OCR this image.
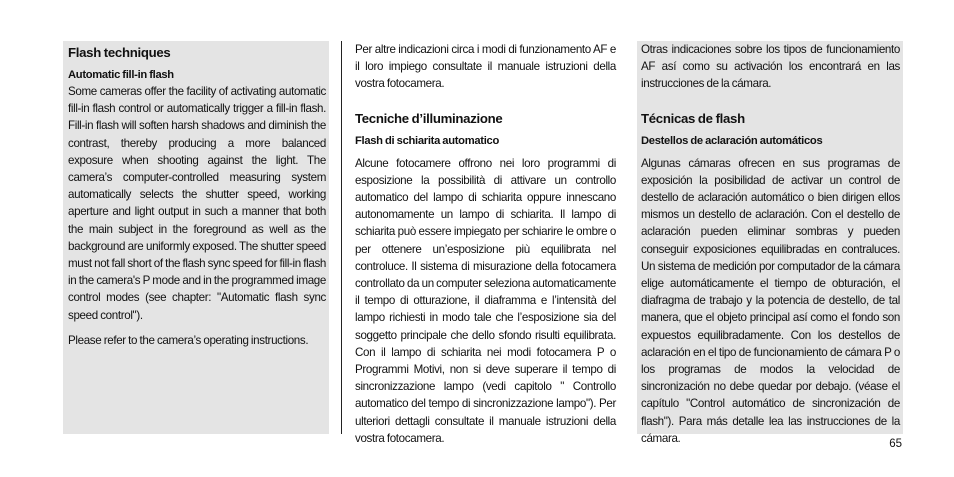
Flash techniques
Automatic fill-in flash

Some cameras offer the facility of activating automatic fill-in flash control or automatically trigger a fill-in flash. Fill-in flash will soften harsh shadows and diminish the contrast, thereby producing a more balanced exposure when shooting against the light. The camera’s computer-controlled measuring system automatically selects the shutter speed, working aperture and light output in such a manner that both the main subject in the foreground as well as the background are uniformly exposed. The shutter speed must not fall short of the flash sync speed for fill-in flash in the camera's P mode and in the programmed image control modes (see chapter: "Automatic flash sync speed control").

Please refer to the camera’s operating instructions.

Per altre indicazioni circa i modi di funzionamento AF e il loro impiego consultate il manuale istruzioni della vostra fotocamera.

Tecniche d’illuminazione
Flash di schiarita automatico

Alcune fotocamere offrono nei loro programmi di esposizione la possibilità di attivare un controllo automatico del lampo di schiarita oppure innescano autonomamente un lampo di schiarita. Il lampo di schiarita può essere impiegato per schiarire le ombre o per ottenere un’esposizione più equilibrata nel controluce. Il sistema di misurazione della fotocamera controllato da un computer seleziona automaticamente il tempo di otturazione, il diaframma e l’intensità del lampo richiesti in modo tale che l’esposizione sia del soggetto principale che dello sfondo risulti equilibrata. Con il lampo di schiarita nei modi fotocamera P o Programmi Motivi, non si deve superare il tempo di sincronizzazione lampo (vedi capitolo " Controllo automatico del tempo di sincronizzazione lampo"). Per ulteriori dettagli consultate il manuale istruzioni della vostra fotocamera.

Otras indicaciones sobre los tipos de funcionamiento AF así como su activación los encontrará en las instrucciones de la cámara.

Técnicas de flash
Destellos de aclaración automáticos

Algunas cámaras ofrecen en sus programas de exposición la posibilidad de activar un control de destello de aclaración automático o bien dirigen ellos mismos un destello de aclaración. Con el destello de aclaración pueden eliminar sombras y pueden conseguir exposiciones equilibradas en contraluces. Un sistema de medición por computador de la cámara elige automáticamente el tiempo de obturación, el diafragma de trabajo y la potencia de destello, de tal manera, que el objeto principal así como el fondo son expuestos equilibradamente. Con los destellos de aclaración en el tipo de funcionamiento de cámara P o los programas de modos la velocidad de sincronización no debe quedar por debajo. (véase el capítulo "Control automático de sincronización de flash"). Para más detalle lea las instrucciones de la cámara.	65
